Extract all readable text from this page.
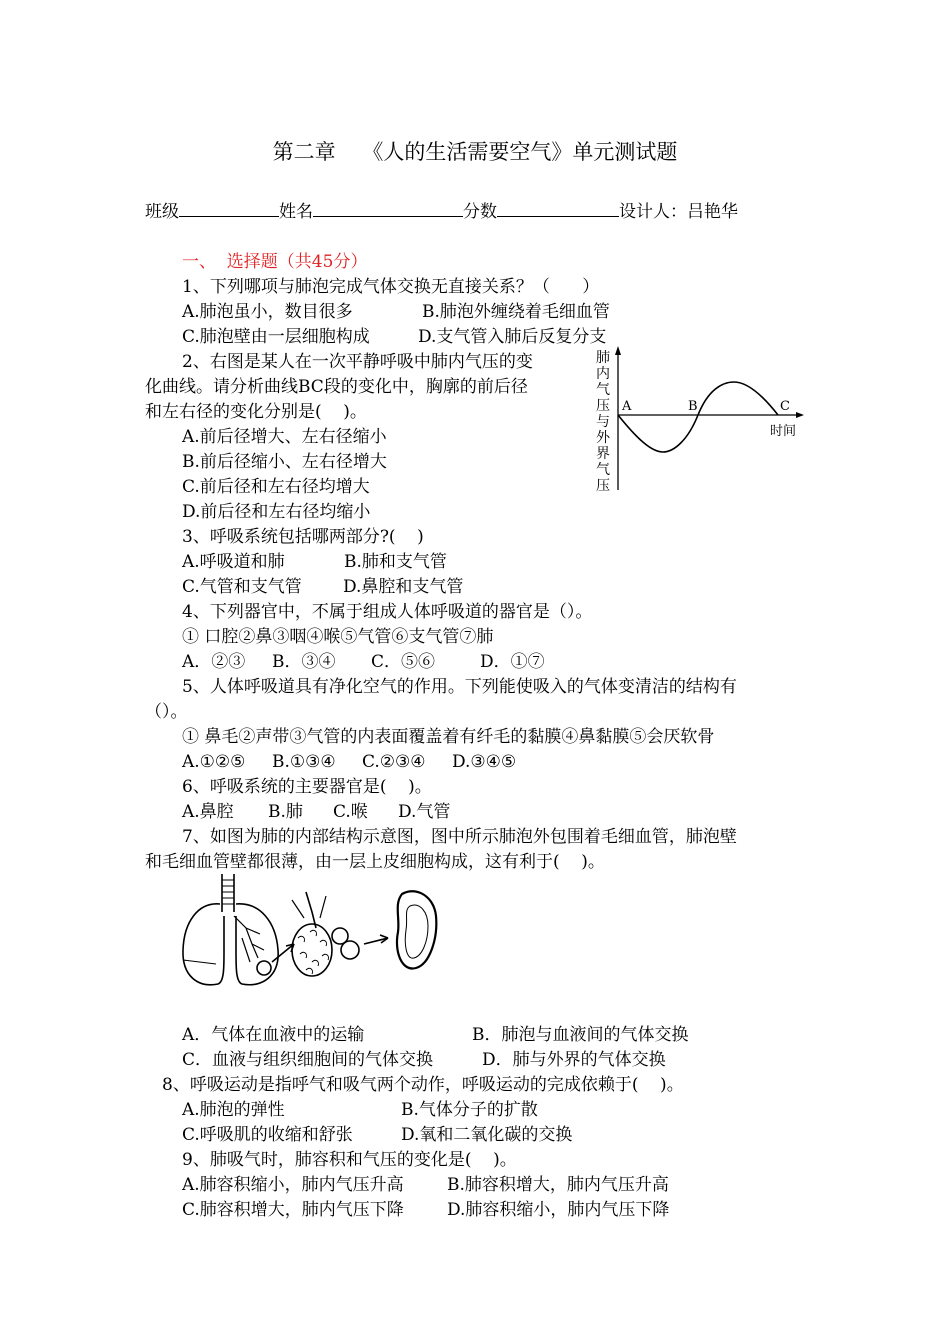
第二章    《人的生活需要空气》单元测试题
班级	姓名	分数	设计人：吕艳华
一、  选择题（共45分）
1、下列哪项与肺泡完成气体交换无直接关系？（      ）
A.肺泡虽小，数目很多	B.肺泡外缠绕着毛细血管
C.肺泡壁由一层细胞构成	D.支气管入肺后反复分支
2、右图是某人在一次平静呼吸中肺内气压的变
化曲线。请分析曲线BC段的变化中，胸廓的前后径
和左右径的变化分别是(    )。
A.前后径增大、左右径缩小
B.前后径缩小、左右径增大
C.前后径和左右径均增大
D.前后径和左右径均缩小
肺
内
气
压
与
外
界
气
压
A	B	C
时间
3、呼吸系统包括哪两部分?(    )
A.呼吸道和肺	B.肺和支气管
C.气管和支气管 D.鼻腔和支气管
4、下列器官中，不属于组成人体呼吸道的器官是（）。
① 口腔②鼻③咽④喉⑤气管⑥支气管⑦肺
A．②③ B．③④ C．⑤⑥	D．①⑦
5、人体呼吸道具有净化空气的作用。下列能使吸入的气体变清洁的结构有
（）。
① 鼻毛②声带③气管的内表面覆盖着有纤毛的黏膜④鼻黏膜⑤会厌软骨
A.①②⑤ B.①③④ C.②③④ D.③④⑤
6、呼吸系统的主要器官是(    )。
A.鼻腔 B.肺 C.喉 D.气管
7、如图为肺的内部结构示意图，图中所示肺泡外包围着毛细血管，肺泡壁
和毛细血管壁都很薄，由一层上皮细胞构成，这有利于(    )。
A．气体在血液中的运输	B．肺泡与血液间的气体交换
C．血液与组织细胞间的气体交换	D．肺与外界的气体交换
8、呼吸运动是指呼气和吸气两个动作，呼吸运动的完成依赖于(    )。
A.肺泡的弹性	B.气体分子的扩散
C.呼吸肌的收缩和舒张	D.氧和二氧化碳的交换
9、肺吸气时，肺容积和气压的变化是(    )。
A.肺容积缩小，肺内气压升高	B.肺容积增大，肺内气压升高
C.肺容积增大，肺内气压下降	D.肺容积缩小，肺内气压下降
